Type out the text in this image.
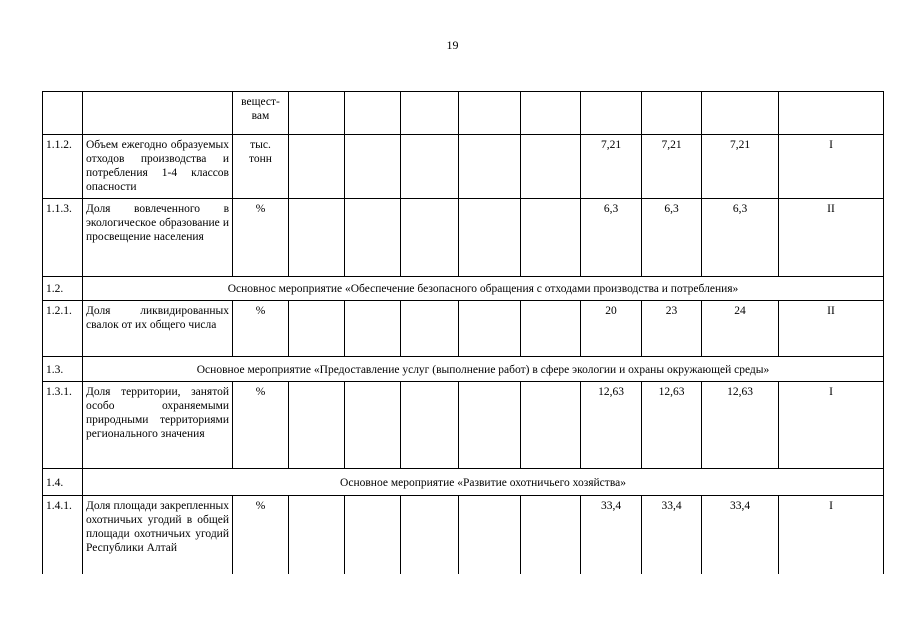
19
		вещест-
вам									
1.1.2.	Объем ежегодно образуемых отходов производства и потребления 1-4 классов опасности	тыс.
тонн						7,21	7,21	7,21	I
1.1.3.	Доля вовлеченного в экологическое образование и просвещение населения	%						6,3	6,3	6,3	II
1.2.	Основнос мероприятие «Обеспечение безопасного обращения с отходами производства и потребления»										
1.2.1.	Доля ликвидированных свалок от их общего числа	%						20	23	24	II
1.3.	Основное мероприятие «Предоставление услуг (выполнение работ) в сфере экологии и охраны окружающей среды»										
1.3.1.	Доля территории, занятой особо охраняемыми природными территориями регионального значения	%						12,63	12,63	12,63	I
1.4.	Основное мероприятие «Развитие охотничьего хозяйства»										
1.4.1.	Доля площади закрепленных охотничьих угодий в общей площади охотничьих угодий Республики Алтай	%						33,4	33,4	33,4	I
